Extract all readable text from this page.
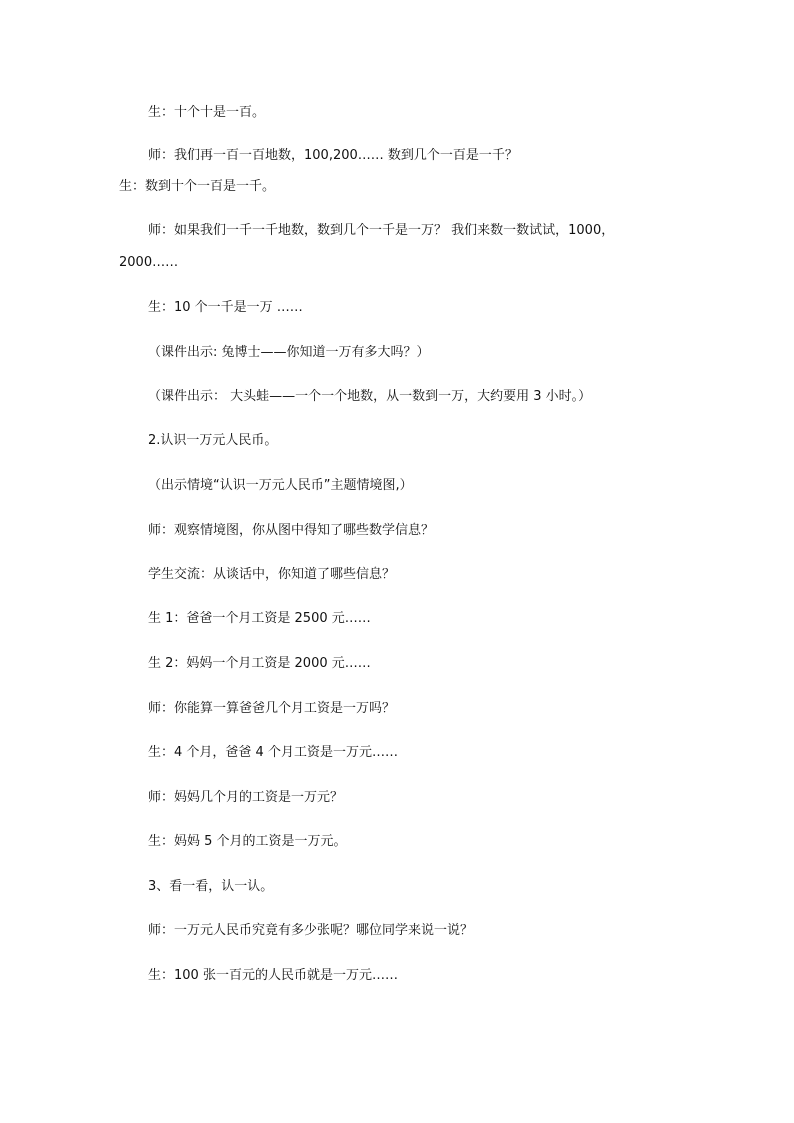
生：十个十是一百。
师：我们再一百一百地数，100,200…… 数到几个一百是一千？
生：数到十个一百是一千。
师：如果我们一千一千地数，数到几个一千是一万？ 我们来数一数试试，1000，
2000……
生：10 个一千是一万 ……
（课件出示: 兔博士——你知道一万有多大吗？）
（课件出示： 大头蛙——一个一个地数，从一数到一万，大约要用 3 小时。）
2.认识一万元人民币。
（出示情境“认识一万元人民币”主题情境图,）
师：观察情境图，你从图中得知了哪些数学信息？
学生交流：从谈话中，你知道了哪些信息？
生 1：爸爸一个月工资是 2500 元……
生 2：妈妈一个月工资是 2000 元……
师：你能算一算爸爸几个月工资是一万吗？
生：4 个月，爸爸 4 个月工资是一万元……
师：妈妈几个月的工资是一万元？
生：妈妈 5 个月的工资是一万元。
3、看一看，认一认。
师：一万元人民币究竟有多少张呢？哪位同学来说一说？
生：100 张一百元的人民币就是一万元……
